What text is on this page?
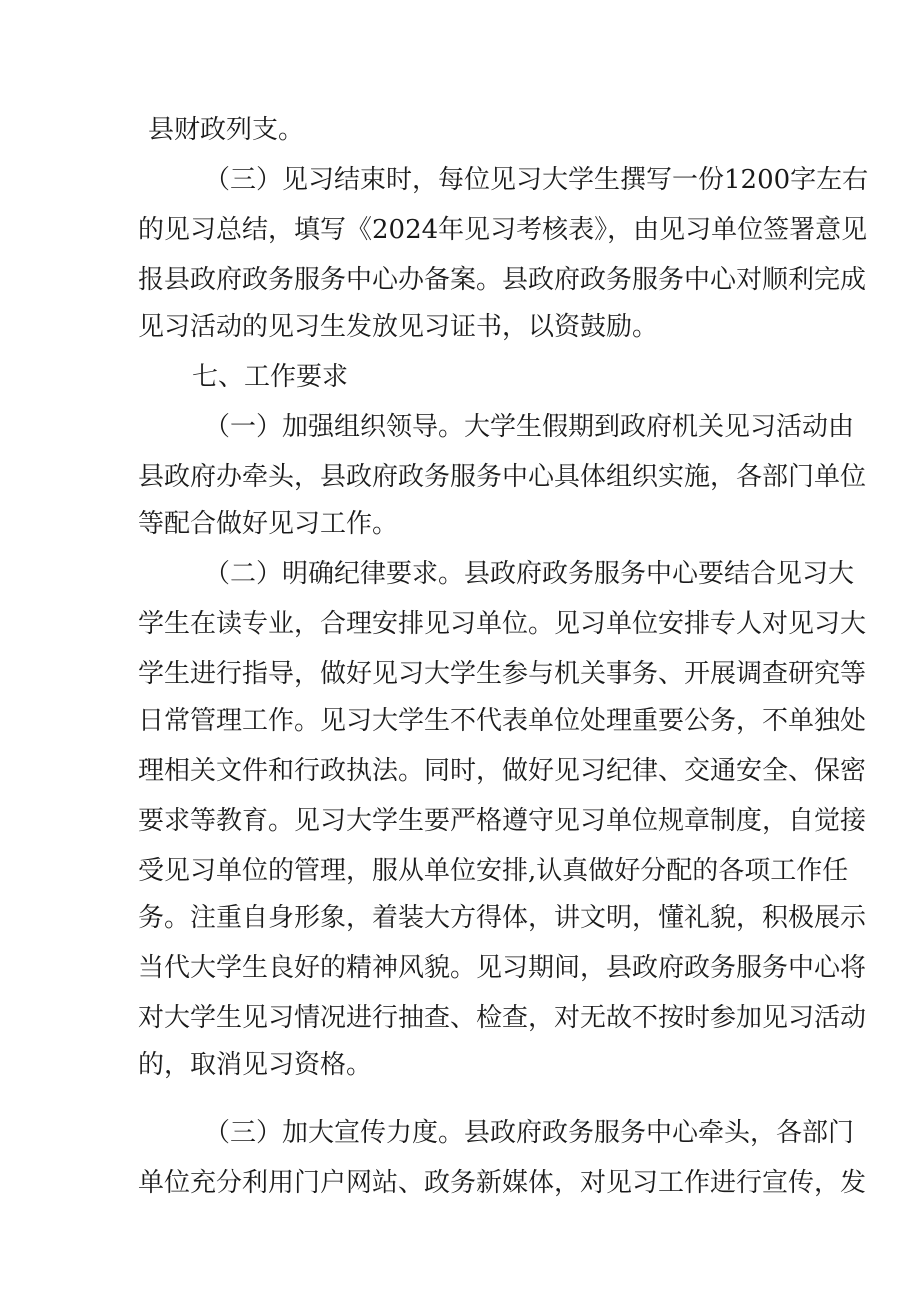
县财政列支。

（三）见习结束时，每位见习大学生撰写一份1200字左右

的见习总结，填写《2024年见习考核表》，由见习单位签署意见

报县政府政务服务中心办备案。县政府政务服务中心对顺利完成

见习活动的见习生发放见习证书，以资鼓励。

七、工作要求

（一）加强组织领导。大学生假期到政府机关见习活动由

县政府办牵头，县政府政务服务中心具体组织实施，各部门单位

等配合做好见习工作。

（二）明确纪律要求。县政府政务服务中心要结合见习大

学生在读专业，合理安排见习单位。见习单位安排专人对见习大

学生进行指导，做好见习大学生参与机关事务、开展调查研究等

日常管理工作。见习大学生不代表单位处理重要公务，不单独处

理相关文件和行政执法。同时，做好见习纪律、交通安全、保密

要求等教育。见习大学生要严格遵守见习单位规章制度，自觉接

受见习单位的管理，服从单位安排,认真做好分配的各项工作任

务。注重自身形象，着装大方得体，讲文明，懂礼貌，积极展示

当代大学生良好的精神风貌。见习期间，县政府政务服务中心将

对大学生见习情况进行抽查、检查，对无故不按时参加见习活动

的，取消见习资格。

（三）加大宣传力度。县政府政务服务中心牵头，各部门

单位充分利用门户网站、政务新媒体，对见习工作进行宣传，发
